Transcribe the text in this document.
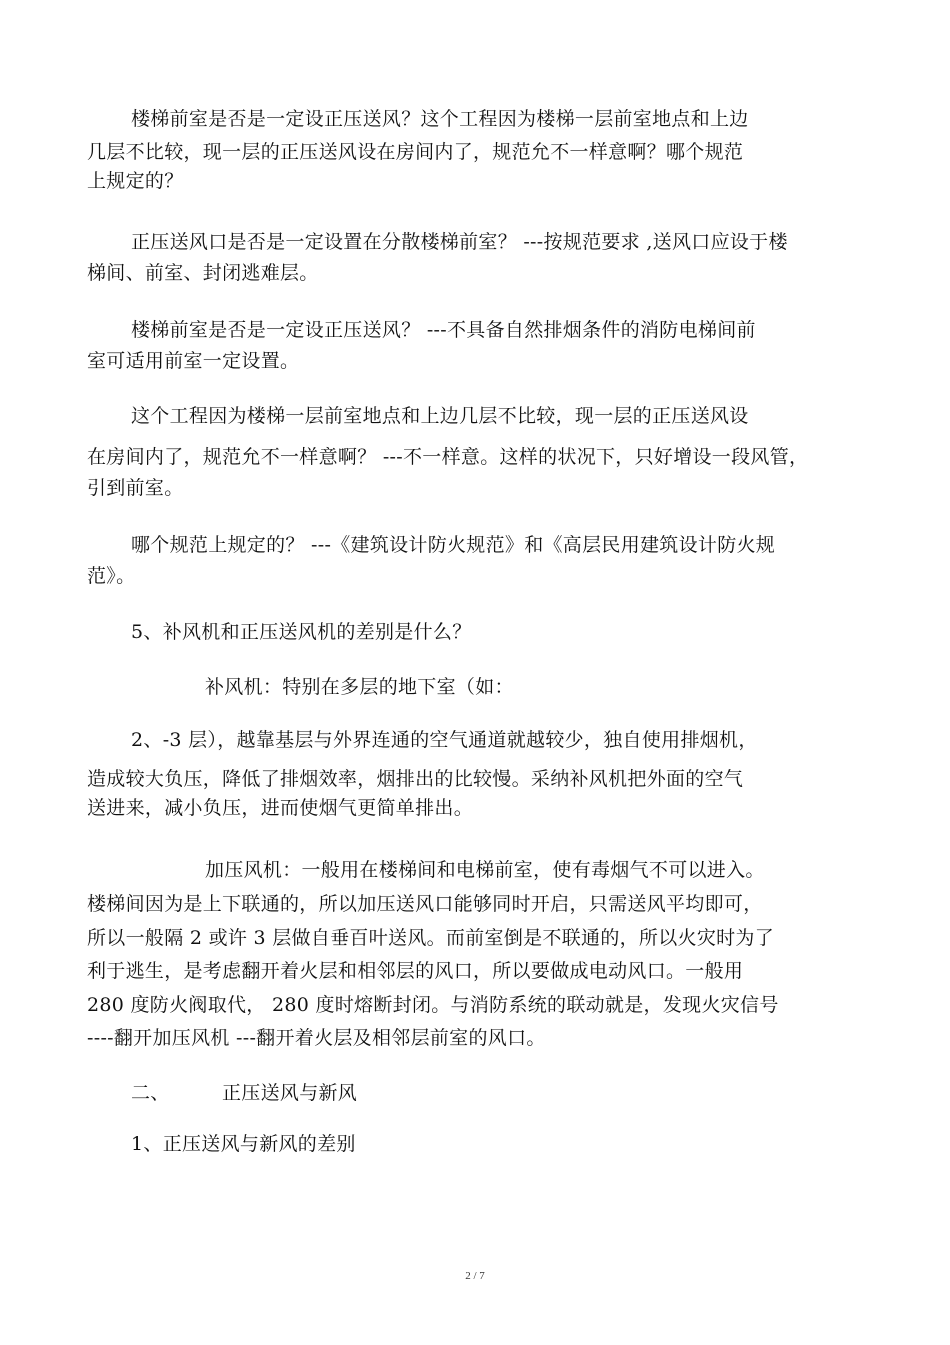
楼梯前室是否是一定设正压送风？这个工程因为楼梯一层前室地点和上边
几层不比较，现一层的正压送风设在房间内了，规范允不一样意啊？哪个规范
上规定的？
正压送风口是否是一定设置在分散楼梯前室？ ---按规范要求 ,送风口应设于楼
梯间、前室、封闭逃难层。
楼梯前室是否是一定设正压送风？ ---不具备自然排烟条件的消防电梯间前
室可适用前室一定设置。
这个工程因为楼梯一层前室地点和上边几层不比较，现一层的正压送风设
在房间内了，规范允不一样意啊？ ---不一样意。这样的状况下，只好增设一段风管，
引到前室。
哪个规范上规定的？ ---《建筑设计防火规范》和《高层民用建筑设计防火规
范》。
5、补风机和正压送风机的差别是什么？
补风机：特别在多层的地下室（如：
2、-3 层），越靠基层与外界连通的空气通道就越较少，独自使用排烟机，
造成较大负压，降低了排烟效率，烟排出的比较慢。采纳补风机把外面的空气
送进来，减小负压，进而使烟气更简单排出。
加压风机：一般用在楼梯间和电梯前室，使有毒烟气不可以进入。
楼梯间因为是上下联通的，所以加压送风口能够同时开启，只需送风平均即可，
所以一般隔 2 或许 3 层做自垂百叶送风。而前室倒是不联通的，所以火灾时为了
利于逃生，是考虑翻开着火层和相邻层的风口，所以要做成电动风口。一般用
280 度防火阀取代， 280 度时熔断封闭。与消防系统的联动就是，发现火灾信号
----翻开加压风机 ---翻开着火层及相邻层前室的风口。
二、	正压送风与新风
1、正压送风与新风的差别
2 / 7
